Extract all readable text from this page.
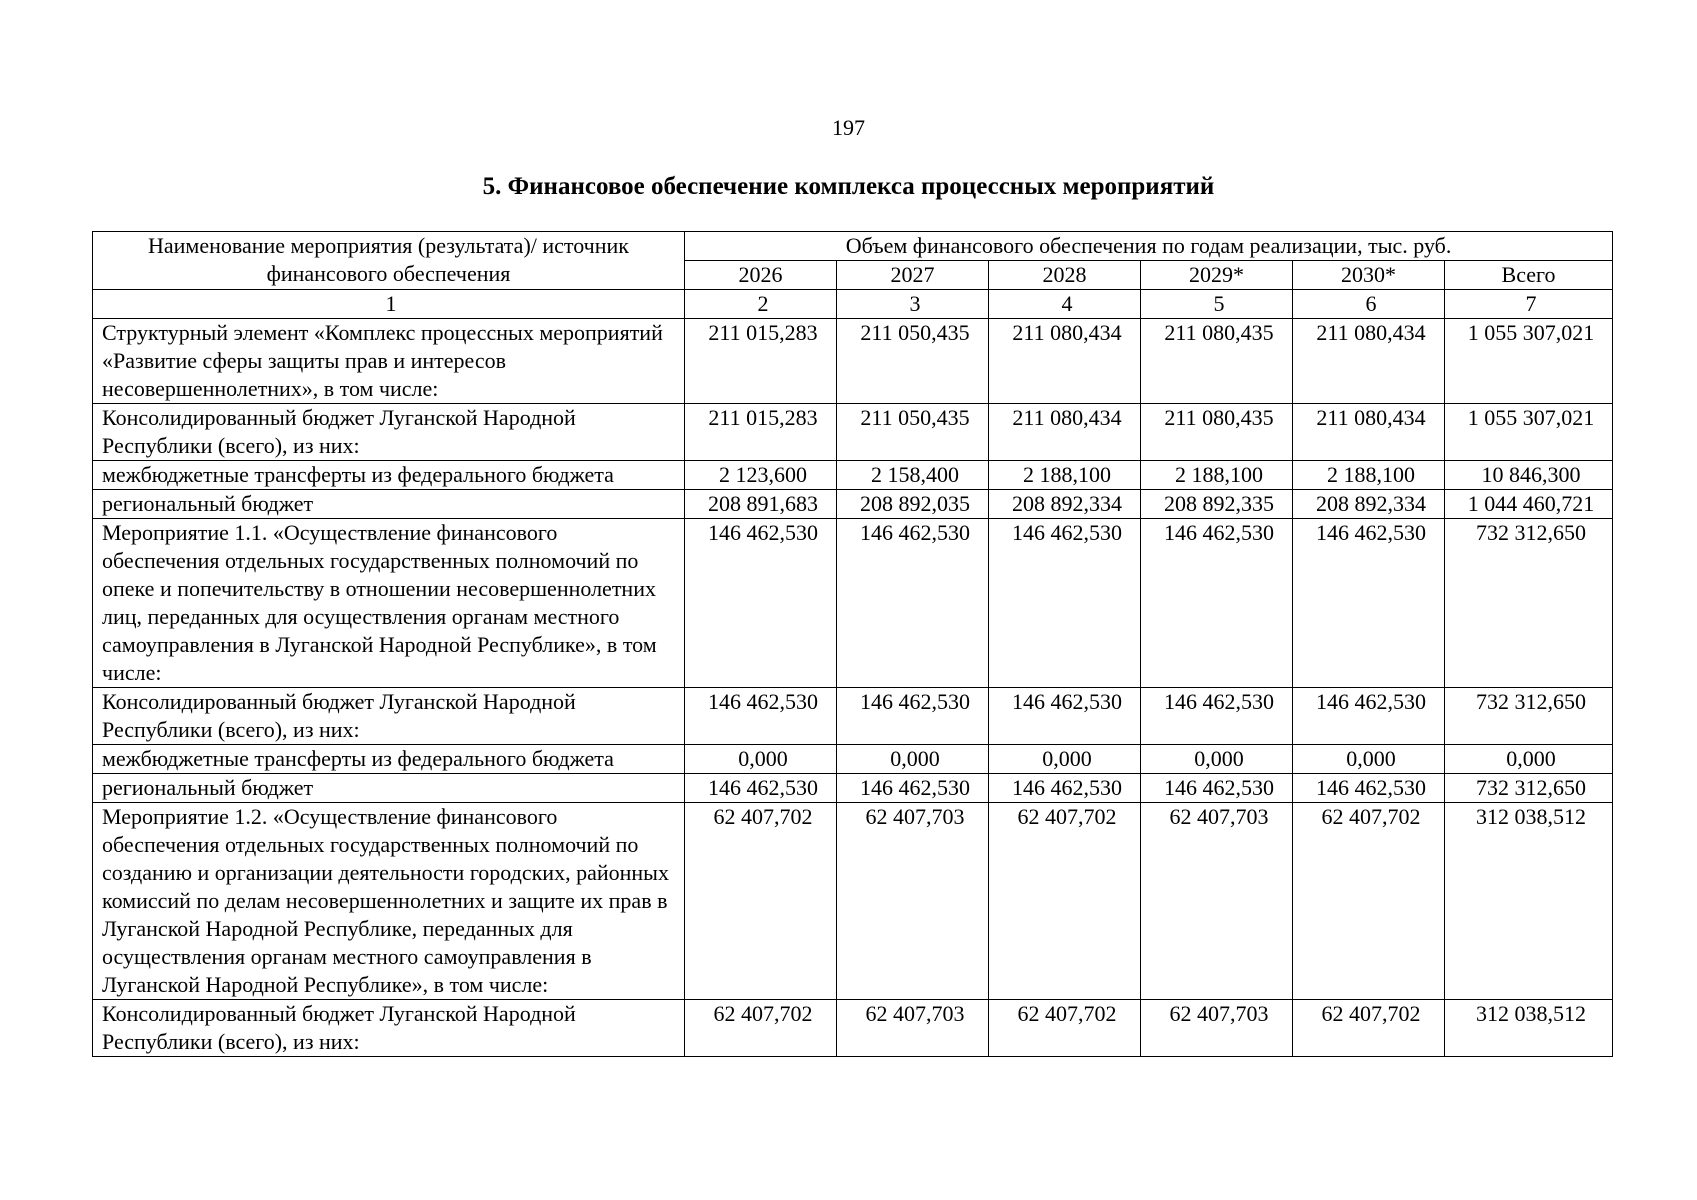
197
5. Финансовое обеспечение комплекса процессных мероприятий
Наименование мероприятия (результата)/ источник финансового обеспечения	Объем финансового обеспечения по годам реализации, тыс. руб.					
	2026	2027	2028	2029*	2030*	Всего
1	2	3	4	5	6	7
Структурный элемент «Комплекс процессных мероприятий «Развитие сферы защиты прав и интересов несовершеннолетних», в том числе:	211 015,283	211 050,435	211 080,434	211 080,435	211 080,434	1 055 307,021
Консолидированный бюджет Луганской Народной Республики (всего), из них:	211 015,283	211 050,435	211 080,434	211 080,435	211 080,434	1 055 307,021
межбюджетные трансферты из федерального бюджета	2 123,600	2 158,400	2 188,100	2 188,100	2 188,100	10 846,300
региональный бюджет	208 891,683	208 892,035	208 892,334	208 892,335	208 892,334	1 044 460,721
Мероприятие 1.1. «Осуществление финансового обеспечения отдельных государственных полномочий по опеке и попечительству в отношении несовершеннолетних лиц, переданных для осуществления органам местного самоуправления в Луганской Народной Республике», в том числе:	146 462,530	146 462,530	146 462,530	146 462,530	146 462,530	732 312,650
Консолидированный бюджет Луганской Народной Республики (всего), из них:	146 462,530	146 462,530	146 462,530	146 462,530	146 462,530	732 312,650
межбюджетные трансферты из федерального бюджета	0,000	0,000	0,000	0,000	0,000	0,000
региональный бюджет	146 462,530	146 462,530	146 462,530	146 462,530	146 462,530	732 312,650
Мероприятие 1.2. «Осуществление финансового обеспечения отдельных государственных полномочий по созданию и организации деятельности городских, районных комиссий по делам несовершеннолетних и защите их прав в Луганской Народной Республике, переданных для осуществления органам местного самоуправления в Луганской Народной Республике», в том числе:	62 407,702	62 407,703	62 407,702	62 407,703	62 407,702	312 038,512
Консолидированный бюджет Луганской Народной Республики (всего), из них:	62 407,702	62 407,703	62 407,702	62 407,703	62 407,702	312 038,512
